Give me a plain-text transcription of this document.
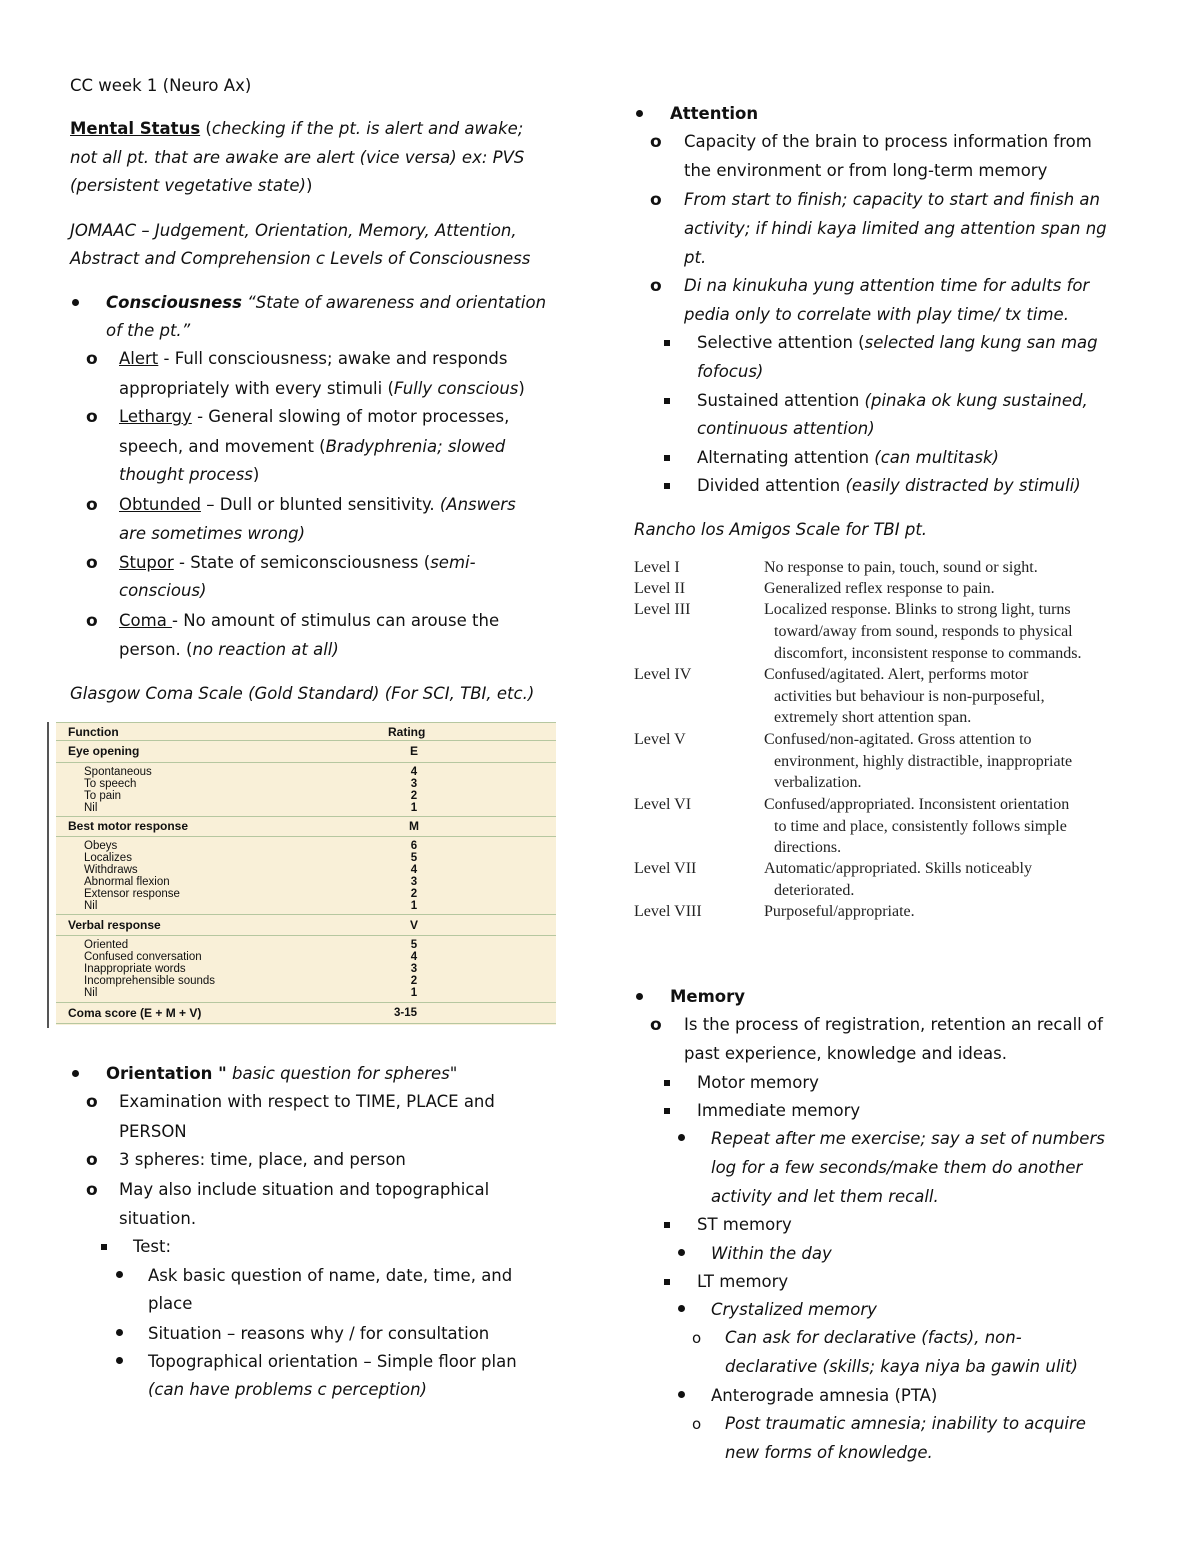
CC week 1 (Neuro Ax)
Mental Status (checking if the pt. is alert and awake;
not all pt. that are awake are alert (vice versa) ex: PVS
(persistent vegetative state))
JOMAAC – Judgement, Orientation, Memory, Attention,
Abstract and Comprehension c Levels of Consciousness
Consciousness “State of awareness and orientation
of the pt.”
o Alert - Full consciousness; awake and responds
appropriately with every stimuli (Fully conscious)
o Lethargy - General slowing of motor processes,
speech, and movement (Bradyphrenia; slowed
thought process)
o Obtunded – Dull or blunted sensitivity. (Answers
are sometimes wrong)
o Stupor - State of semiconsciousness (semi-
conscious)
o Coma - No amount of stimulus can arouse the
person. (no reaction at all)
Glasgow Coma Scale (Gold Standard) (For SCI, TBI, etc.)
Function	Rating
Eye opening	E
Spontaneous	4
To speech	3
To pain	2
Nil	1
Best motor response	M
Obeys	6
Localizes	5
Withdraws	4
Abnormal flexion	3
Extensor response	2
Nil	1
Verbal response	V
Oriented	5
Confused conversation	4
Inappropriate words	3
Incomprehensible sounds	2
Nil	1
Coma score (E + M + V)	3-15
Orientation " basic question for spheres"
o Examination with respect to TIME, PLACE and
PERSON
o 3 spheres: time, place, and person
o May also include situation and topographical
situation.
Test:
Ask basic question of name, date, time, and
place
Situation – reasons why / for consultation
Topographical orientation – Simple floor plan
(can have problems c perception)
Attention
o Capacity of the brain to process information from
the environment or from long-term memory
o From start to finish; capacity to start and finish an
activity; if hindi kaya limited ang attention span ng
pt.
o Di na kinukuha yung attention time for adults for
pedia only to correlate with play time/ tx time.
Selective attention (selected lang kung san mag
fofocus)
Sustained attention (pinaka ok kung sustained,
continuous attention)
Alternating attention (can multitask)
Divided attention (easily distracted by stimuli)
Rancho los Amigos Scale for TBI pt.
Level I	No response to pain, touch, sound or sight.
Level II	Generalized reflex response to pain.
Level III	Localized response. Blinks to strong light, turns
toward/away from sound, responds to physical
discomfort, inconsistent response to commands.
Level IV	Confused/agitated. Alert, performs motor
activities but behaviour is non-purposeful,
extremely short attention span.
Level V	Confused/non-agitated. Gross attention to
environment, highly distractible, inappropriate
verbalization.
Level VI	Confused/appropriated. Inconsistent orientation
to time and place, consistently follows simple
directions.
Level VII	Automatic/appropriated. Skills noticeably
deteriorated.
Level VIII	Purposeful/appropriate.
Memory
o Is the process of registration, retention an recall of
past experience, knowledge and ideas.
Motor memory
Immediate memory
Repeat after me exercise; say a set of numbers
log for a few seconds/make them do another
activity and let them recall.
ST memory
Within the day
LT memory
Crystalized memory
o Can ask for declarative (facts), non-
declarative (skills; kaya niya ba gawin ulit)
Anterograde amnesia (PTA)
o Post traumatic amnesia; inability to acquire
new forms of knowledge.
